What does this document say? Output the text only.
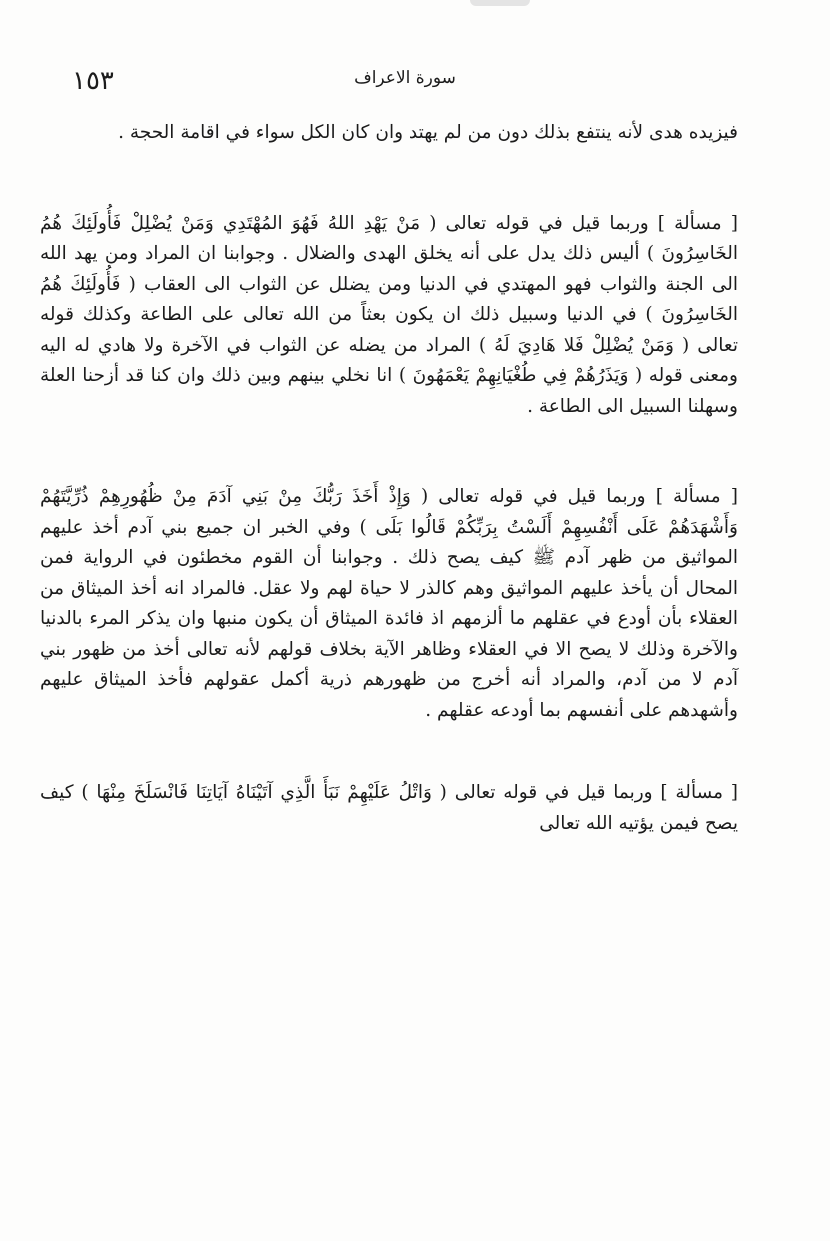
١٥٣	سورة الاعراف

فيزيده هدى لأنه ينتفع بذلك دون من لم يهتد وان كان الكل سواء في اقامة الحجة .

[ مسألة ] وربما قيل في قوله تعالى ( مَنْ يَهْدِ اللهُ فَهُوَ المُهْتَدِي وَمَنْ يُضْلِلْ فَأُولَئِكَ هُمُ الخَاسِرُونَ ) أليس ذلك يدل على أنه يخلق الهدى والضلال . وجوابنا ان المراد ومن يهد الله الى الجنة والثواب فهو المهتدي في الدنيا ومن يضلل عن الثواب الى العقاب ( فَأُولَئِكَ هُمُ الخَاسِرُونَ ) في الدنيا وسبيل ذلك ان يكون بعثاً من الله تعالى على الطاعة وكذلك قوله تعالى ( وَمَنْ يُضْلِلْ فَلا هَادِيَ لَهُ ) المراد من يضله عن الثواب في الآخرة ولا هادي له اليه ومعنى قوله ( وَيَذَرُهُمْ فِي طُغْيَانِهِمْ يَعْمَهُونَ ) انا نخلي بينهم وبين ذلك وان كنا قد أزحنا العلة وسهلنا السبيل الى الطاعة .

[ مسألة ] وربما قيل في قوله تعالى ( وَإِذْ أَخَذَ رَبُّكَ مِنْ بَنِي آدَمَ مِنْ ظُهُورِهِمْ ذُرِّيَّتَهُمْ وَأَشْهَدَهُمْ عَلَى أَنْفُسِهِمْ أَلَسْتُ بِرَبِّكُمْ قَالُوا بَلَى ) وفي الخبر ان جميع بني آدم أخذ عليهم المواثيق من ظهر آدم ﷺ كيف يصح ذلك . وجوابنا أن القوم مخطئون في الرواية فمن المحال أن يأخذ عليهم المواثيق وهم كالذر لا حياة لهم ولا عقل. فالمراد انه أخذ الميثاق من العقلاء بأن أودع في عقلهم ما ألزمهم اذ فائدة الميثاق أن يكون منبها وان يذكر المرء بالدنيا والآخرة وذلك لا يصح الا في العقلاء وظاهر الآية بخلاف قولهم لأنه تعالى أخذ من ظهور بني آدم لا من آدم، والمراد أنه أخرج من ظهورهم ذرية أكمل عقولهم فأخذ الميثاق عليهم وأشهدهم على أنفسهم بما أودعه عقلهم .

[ مسألة ] وربما قيل في قوله تعالى ( وَاتْلُ عَلَيْهِمْ نَبَأَ الَّذِي آتَيْنَاهُ آيَاتِنَا فَانْسَلَخَ مِنْهَا ) كيف يصح فيمن يؤتيه الله تعالى
